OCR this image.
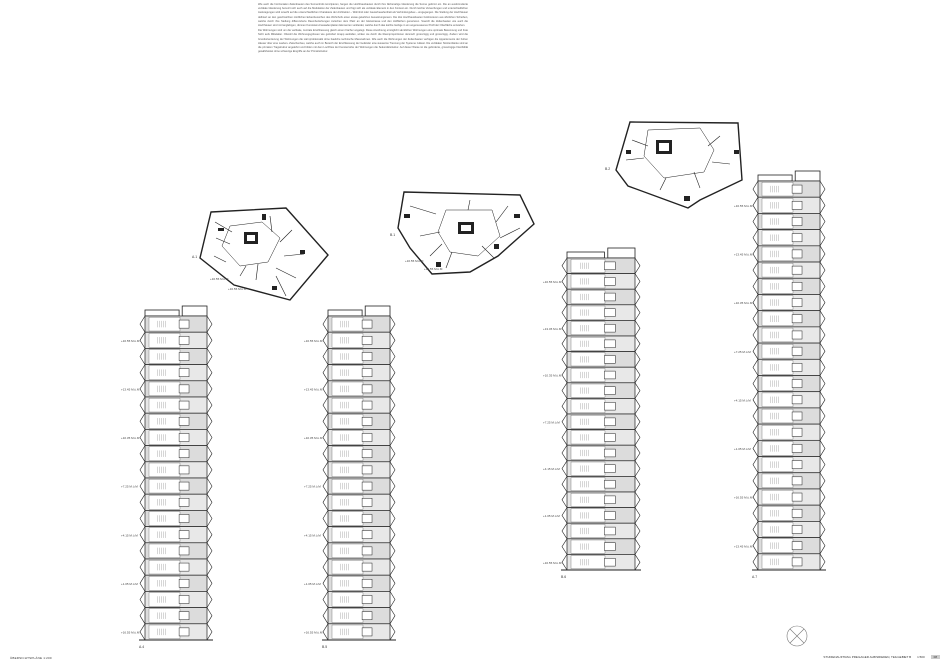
Wie auch die horizontalen Zeilenbauten des Sonnenhofs konzipieren, fangen die Hochhausbauten durch ihre fächerartige Gliederung die Sonne geformt ein. Die an ausformulierte vertikale Gliederung benutzt sich auch auf die Modulation der Zeilenbauten und fügt sich als vertikale Element in den Kontext ein. Durch leichte Verwerfungen und unterschiedlichen Auskragungen wird sowohl auf die unterschiedlichen Charaktere der Architektur – Wohnhof oder Gewerbeaufenthalt als Verbindungsbau – eingegangen. Die Stellung der Hochhäuser definiert an den geschwichten nördlichen Eckenbereichen des Wohnhofs einen etwas gekehrten Ausweitungsraum. Die drei Hochhausbauten funktionieren aus ähnlichen Scheiben, welche durch ihre Stellung differenzierte Raumbeziehungen zwischen dem Platz an der Gleisstrasse und den Hofflächen generieren. Sowohl die Zeilenbauten wie auch die Hochhäuser sind mit langlebigen, dünnen Kunststein-Fassadenplatten Elementen verkleidet, welche durch das leichte Gefüge in ein angemessenes Profil der Oberfläche entstehen.

Die Wohnungen sind um die vertikale, zentrale Erschliessung gleich einem Fächer angelegt. Diese Anordnung ermöglicht sämtlichen Wohnungen eine optimale Besonnung und freie Sicht aufs Mittelalter. Obwohl die Wohnungsgrössen wie gefordert knapp ausfallen, wirken sie durch die Raumproportionen dennoch grosszügig und grosszügig. Zudem wird die Grundorientierung der Wohnungen die Lärmproblematik ohne bauliche technische Massnahmen. Wie auch die Wohnungen der Zeilenbauten verfügen die Appartements der hohen Häuser über eine Lauben- Zwischenbau, welche auch im Bereich der Erschliessung der Geländer eine äusserste Trennung der Systeme zulässt. Die vertikalen Stützenbänke sind an die primären Tragstruktur angelehnt und bilden mit dem Lochfries der Fensterreihe der Wohnungen die Sekundärstruktur. Auf dieser Weise ist die geforderte, grosszügige Flexibilität gewährleistet ohne schwerige Eingriffe an der Primärstruktur.

+16.55 M.ü.M
+13.45 M.ü.M
+10.35 M.ü.M
+7.25 M.ü.M
+4.15 M.ü.M
+1.05 M.ü.M
+16.55 M.ü.M
A.4
+16.55 M.ü.M
+13.45 M.ü.M
+10.35 M.ü.M
+7.25 M.ü.M
+4.15 M.ü.M
+1.05 M.ü.M
+16.55 M.ü.M
B.5
+16.55 M.ü.M
+13.45 M.ü.M
+10.35 M.ü.M
+7.25 M.ü.M
+4.15 M.ü.M
+1.05 M.ü.M
+16.55 M.ü.M
B.6
+16.55 M.ü.M
+13.45 M.ü.M
+10.35 M.ü.M
+7.25 M.ü.M
+4.15 M.ü.M
+1.05 M.ü.M
+16.55 M.ü.M
+13.45 M.ü.M
A.7
A.1
B.1
B.2
+16.55 M.ü.M
+16.55 M.ü.M
+16.55 M.ü.M
+16.55 M.ü.M
ÜBERSICHTSPLÄNE 1:200	STUDIENAUFTRAG PREILAGER ALBISRIEDEN, TEILGEBIET B 1:500	08
